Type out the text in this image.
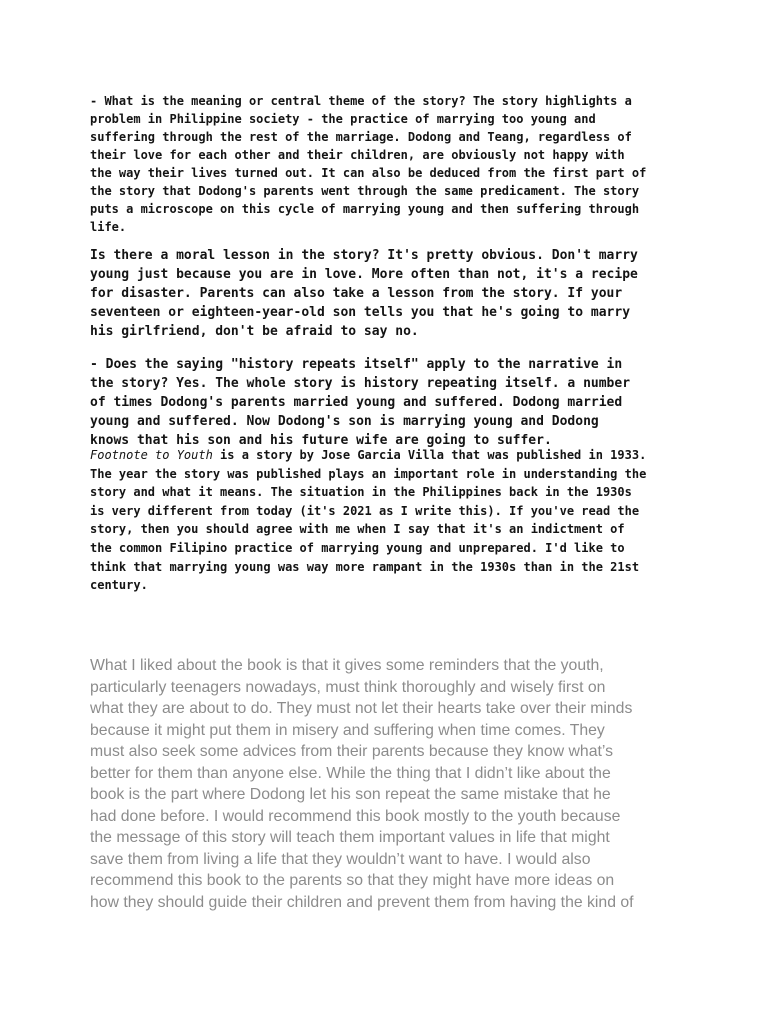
- What is the meaning or central theme of the story? The story highlights a
problem in Philippine society - the practice of marrying too young and
suffering through the rest of the marriage. Dodong and Teang, regardless of
their love for each other and their children, are obviously not happy with
the way their lives turned out. It can also be deduced from the first part of
the story that Dodong's parents went through the same predicament. The story
puts a microscope on this cycle of marrying young and then suffering through
life.

Is there a moral lesson in the story? It's pretty obvious. Don't marry
young just because you are in love. More often than not, it's a recipe
for disaster. Parents can also take a lesson from the story. If your
seventeen or eighteen-year-old son tells you that he's going to marry
his girlfriend, don't be afraid to say no.

- Does the saying "history repeats itself" apply to the narrative in
the story? Yes. The whole story is history repeating itself. a number
of times Dodong's parents married young and suffered. Dodong married
young and suffered. Now Dodong's son is marrying young and Dodong
knows that his son and his future wife are going to suffer.

Footnote to Youth is a story by Jose Garcia Villa that was published in 1933.
The year the story was published plays an important role in understanding the
story and what it means. The situation in the Philippines back in the 1930s
is very different from today (it's 2021 as I write this). If you've read the
story, then you should agree with me when I say that it's an indictment of
the common Filipino practice of marrying young and unprepared. I'd like to
think that marrying young was way more rampant in the 1930s than in the 21st
century.

What I liked about the book is that it gives some reminders that the youth,
particularly teenagers nowadays, must think thoroughly and wisely first on
what they are about to do. They must not let their hearts take over their minds
because it might put them in misery and suffering when time comes. They
must also seek some advices from their parents because they know what’s
better for them than anyone else. While the thing that I didn’t like about the
book is the part where Dodong let his son repeat the same mistake that he
had done before. I would recommend this book mostly to the youth because
the message of this story will teach them important values in life that might
save them from living a life that they wouldn’t want to have. I would also
recommend this book to the parents so that they might have more ideas on
how they should guide their children and prevent them from having the kind of
